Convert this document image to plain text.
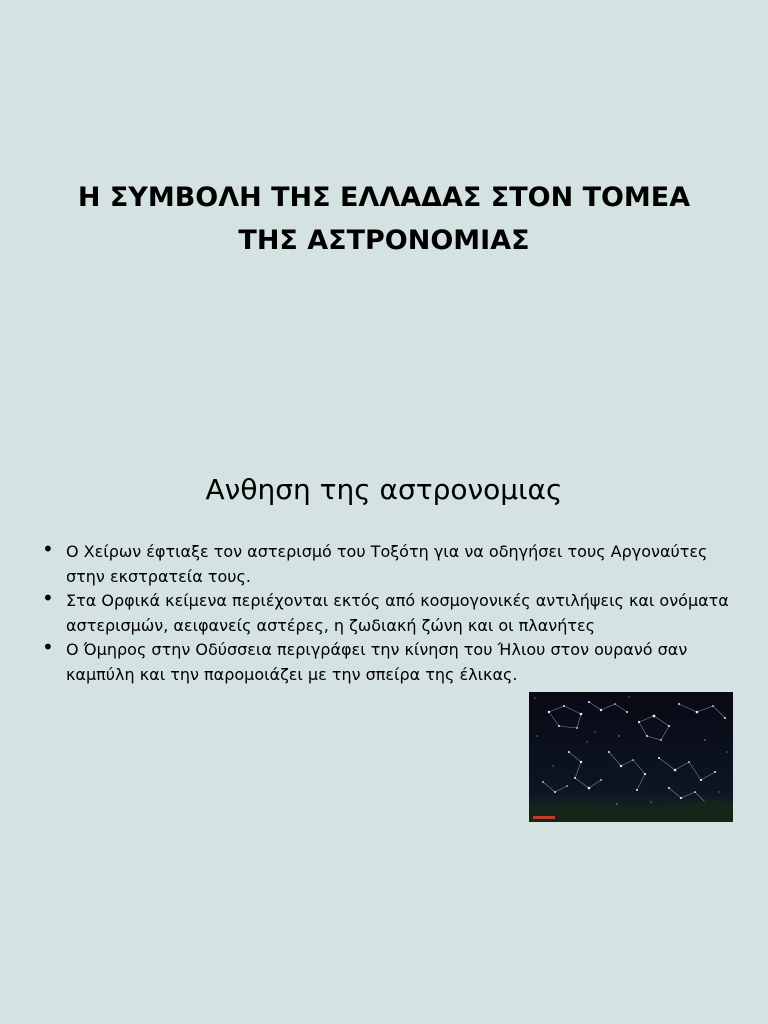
Η ΣΥΜΒΟΛΗ ΤΗΣ ΕΛΛΑΔΑΣ ΣΤΟΝ ΤΟΜΕΑ
ΤΗΣ ΑΣΤΡΟΝΟΜΙΑΣ
Ανθηση της αστρονομιας
• Ο Χείρων έφτιαξε τον αστερισμό του Τοξότη για να οδηγήσει τους Αργοναύτες στην εκστρατεία τους.
• Στα Ορφικά κείμενα περιέχονται εκτός από κοσμογονικές αντιλήψεις και ονόματα αστερισμών, αειφανείς αστέρες, η ζωδιακή ζώνη και οι πλανήτες
• Ο Όμηρος στην Οδύσσεια περιγράφει την κίνηση του Ήλιου στον ουρανό σαν καμπύλη και την παρομοιάζει με την σπείρα της έλικας.
